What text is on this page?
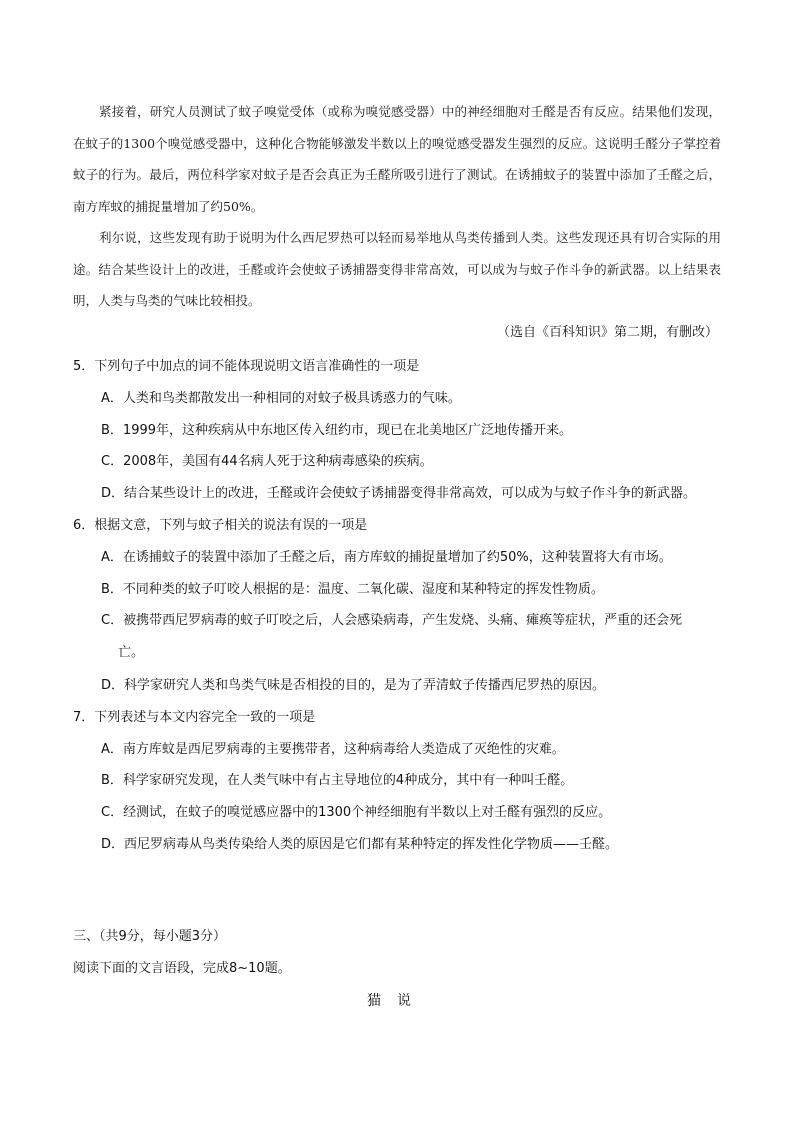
紧接着，研究人员测试了蚊子嗅觉受体（或称为嗅觉感受器）中的神经细胞对壬醛是否有反应。结果他们发现，在蚊子的1300个嗅觉感受器中，这种化合物能够激发半数以上的嗅觉感受器发生强烈的反应。这说明壬醛分子掌控着蚊子的行为。最后，两位科学家对蚊子是否会真正为壬醛所吸引进行了测试。在诱捕蚊子的装置中添加了壬醛之后，南方库蚊的捕捉量增加了约50%。

利尔说，这些发现有助于说明为什么西尼罗热可以轻而易举地从鸟类传播到人类。这些发现还具有切合实际的用途。结合某些设计上的改进，壬醛或许会使蚊子诱捕器变得非常高效，可以成为与蚊子作斗争的新武器。以上结果表明，人类与鸟类的气味比较相投。

（选自《百科知识》第二期，有删改）
5．下列句子中加点的词不能体现说明文语言准确性的一项是
A．人类和鸟类都散发出一种相同的对蚊子极具诱惑力的气味。
B．1999年，这种疾病从中东地区传入纽约市，现已在北美地区广泛地传播开来。
C．2008年，美国有44名病人死于这种病毒感染的疾病。
D．结合某些设计上的改进，壬醛或许会使蚊子诱捕器变得非常高效，可以成为与蚊子作斗争的新武器。
6．根据文意，下列与蚊子相关的说法有误的一项是
A．在诱捕蚊子的装置中添加了壬醛之后，南方库蚊的捕捉量增加了约50%，这种装置将大有市场。
B．不同种类的蚊子叮咬人根据的是：温度、二氧化碳、湿度和某种特定的挥发性物质。
C．被携带西尼罗病毒的蚊子叮咬之后，人会感染病毒，产生发烧、头痛、瘫痪等症状，严重的还会死
亡。
D．科学家研究人类和鸟类气味是否相投的目的，是为了弄清蚊子传播西尼罗热的原因。
7．下列表述与本文内容完全一致的一项是
A．南方库蚊是西尼罗病毒的主要携带者，这种病毒给人类造成了灭绝性的灾难。
B．科学家研究发现，在人类气味中有占主导地位的4种成分，其中有一种叫壬醛。
C．经测试，在蚊子的嗅觉感应器中的1300个神经细胞有半数以上对壬醛有强烈的反应。
D．西尼罗病毒从鸟类传染给人类的原因是它们都有某种特定的挥发性化学物质——壬醛。
三、（共9分，每小题3分）
阅读下面的文言语段，完成8~10题。
猫说
